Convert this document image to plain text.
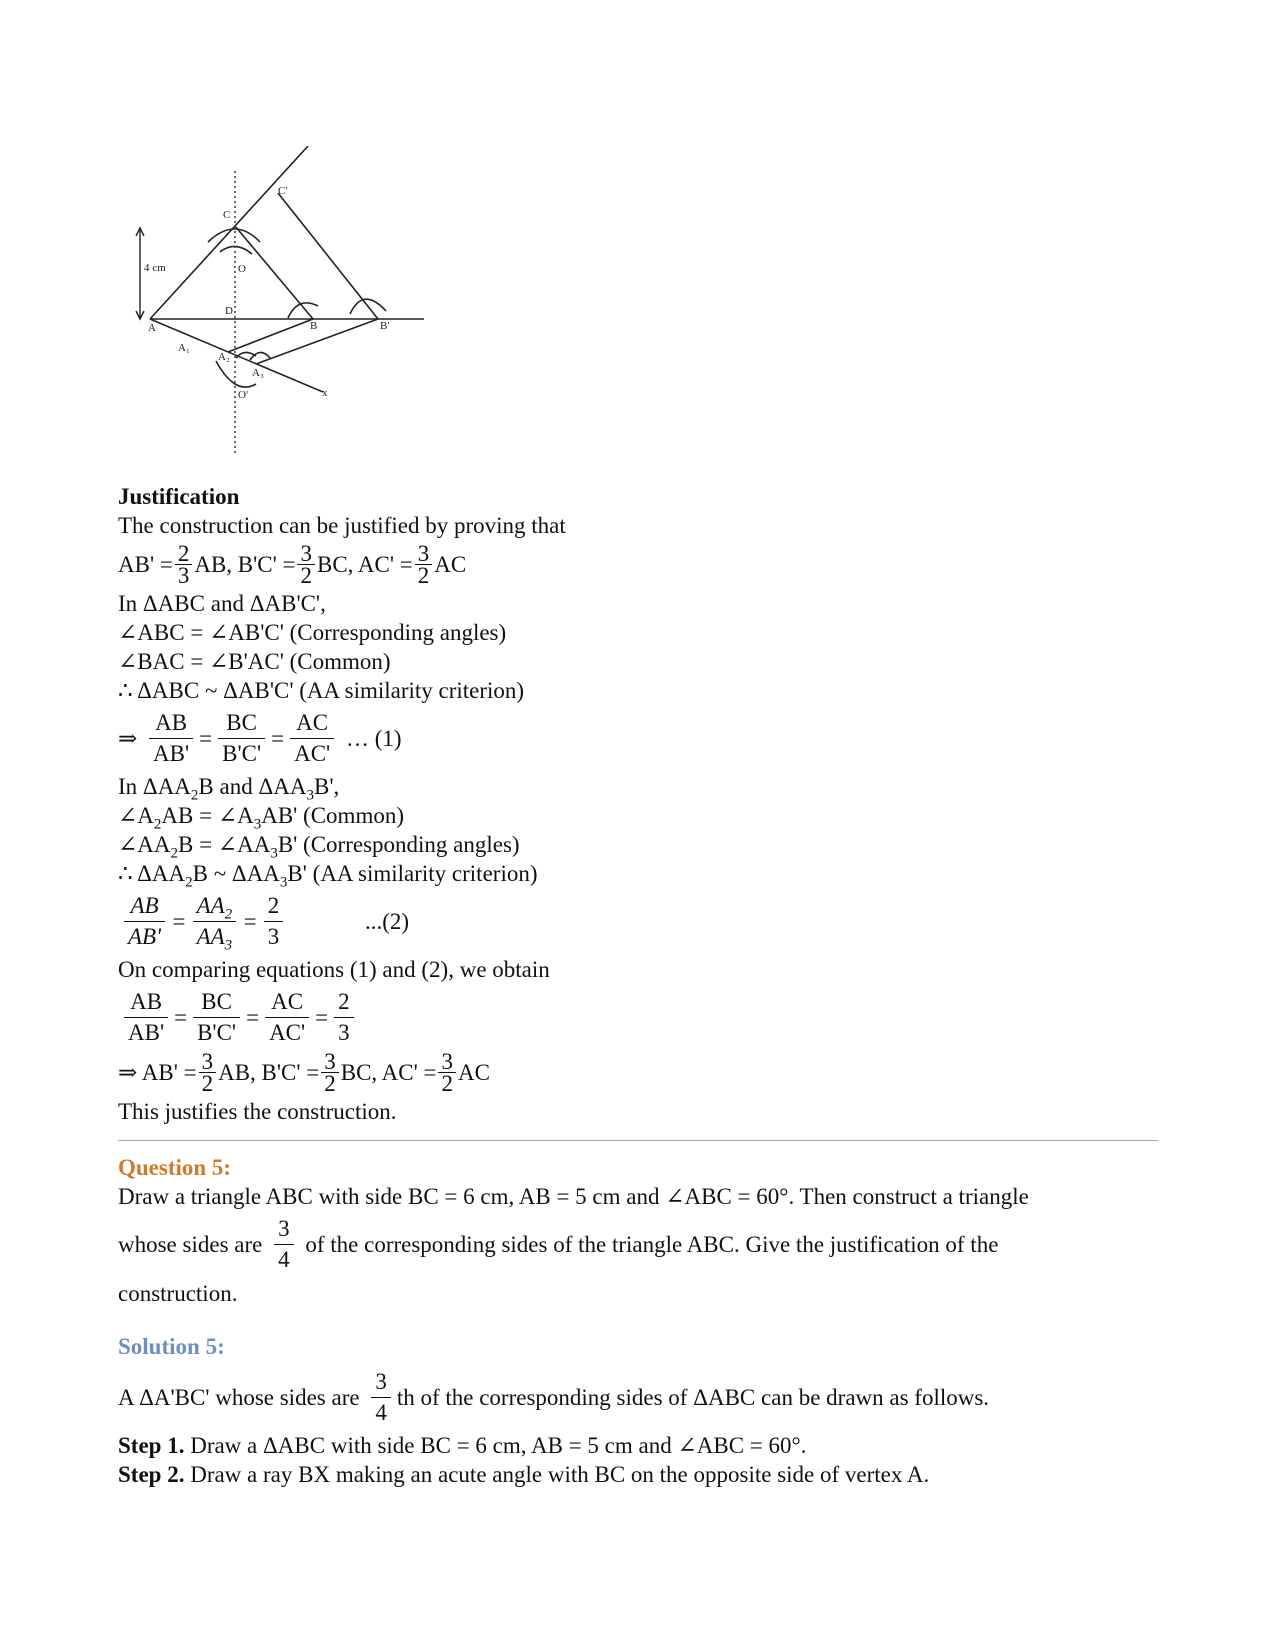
4 cm
A	B	B'
C
C'
D
O
O'
A₁
A₂
A₃
x
Justification
The construction can be justified by proving that
$AB' = \frac{2}{3}$ AB, $B'C' = \frac{3}{2}$ BC, $AC' = \frac{3}{2}$ AC
In ΔABC and ΔAB'C',
∠ABC = ∠AB'C' (Corresponding angles)
∠BAC = ∠B'AC' (Common)
∴ ΔABC ~ ΔAB'C' (AA similarity criterion)
⇒ $\frac{AB}{AB'} = \frac{BC}{B'C'} = \frac{AC}{AC'}$ … (1)
In $\Delta AA_2B$ and $\Delta AA_3B'$,
$\angle A_2AB$ = $\angle A_3AB'$ (Common)
$\angle AA_2B$ = $\angle AA_3B'$ (Corresponding angles)
∴ $\Delta AA_2B$ ~ $\Delta AA_3B'$ (AA similarity criterion)
$\frac{AB}{AB'} = \frac{AA_2}{AA_3} = \frac{2}{3}$	...(2)
On comparing equations (1) and (2), we obtain
$\frac{AB}{AB'} = \frac{BC}{B'C'} = \frac{AC}{AC'} = \frac{2}{3}$
⇒ $AB' = \frac{3}{2}$ AB, $B'C' = \frac{3}{2}$ BC, $AC' = \frac{3}{2}$ AC
This justifies the construction.
Question 5:
Draw a triangle ABC with side BC = 6 cm, AB = 5 cm and ∠ABC = 60°. Then construct a triangle
whose sides are $\frac{3}{4}$ of the corresponding sides of the triangle ABC. Give the justification of the
construction.
Solution 5:
A ΔA'BC' whose sides are $\frac{3}{4}$ th of the corresponding sides of ΔABC can be drawn as follows.
Step 1. Draw a ΔABC with side BC = 6 cm, AB = 5 cm and ∠ABC = 60°.
Step 2. Draw a ray BX making an acute angle with BC on the opposite side of vertex A.
